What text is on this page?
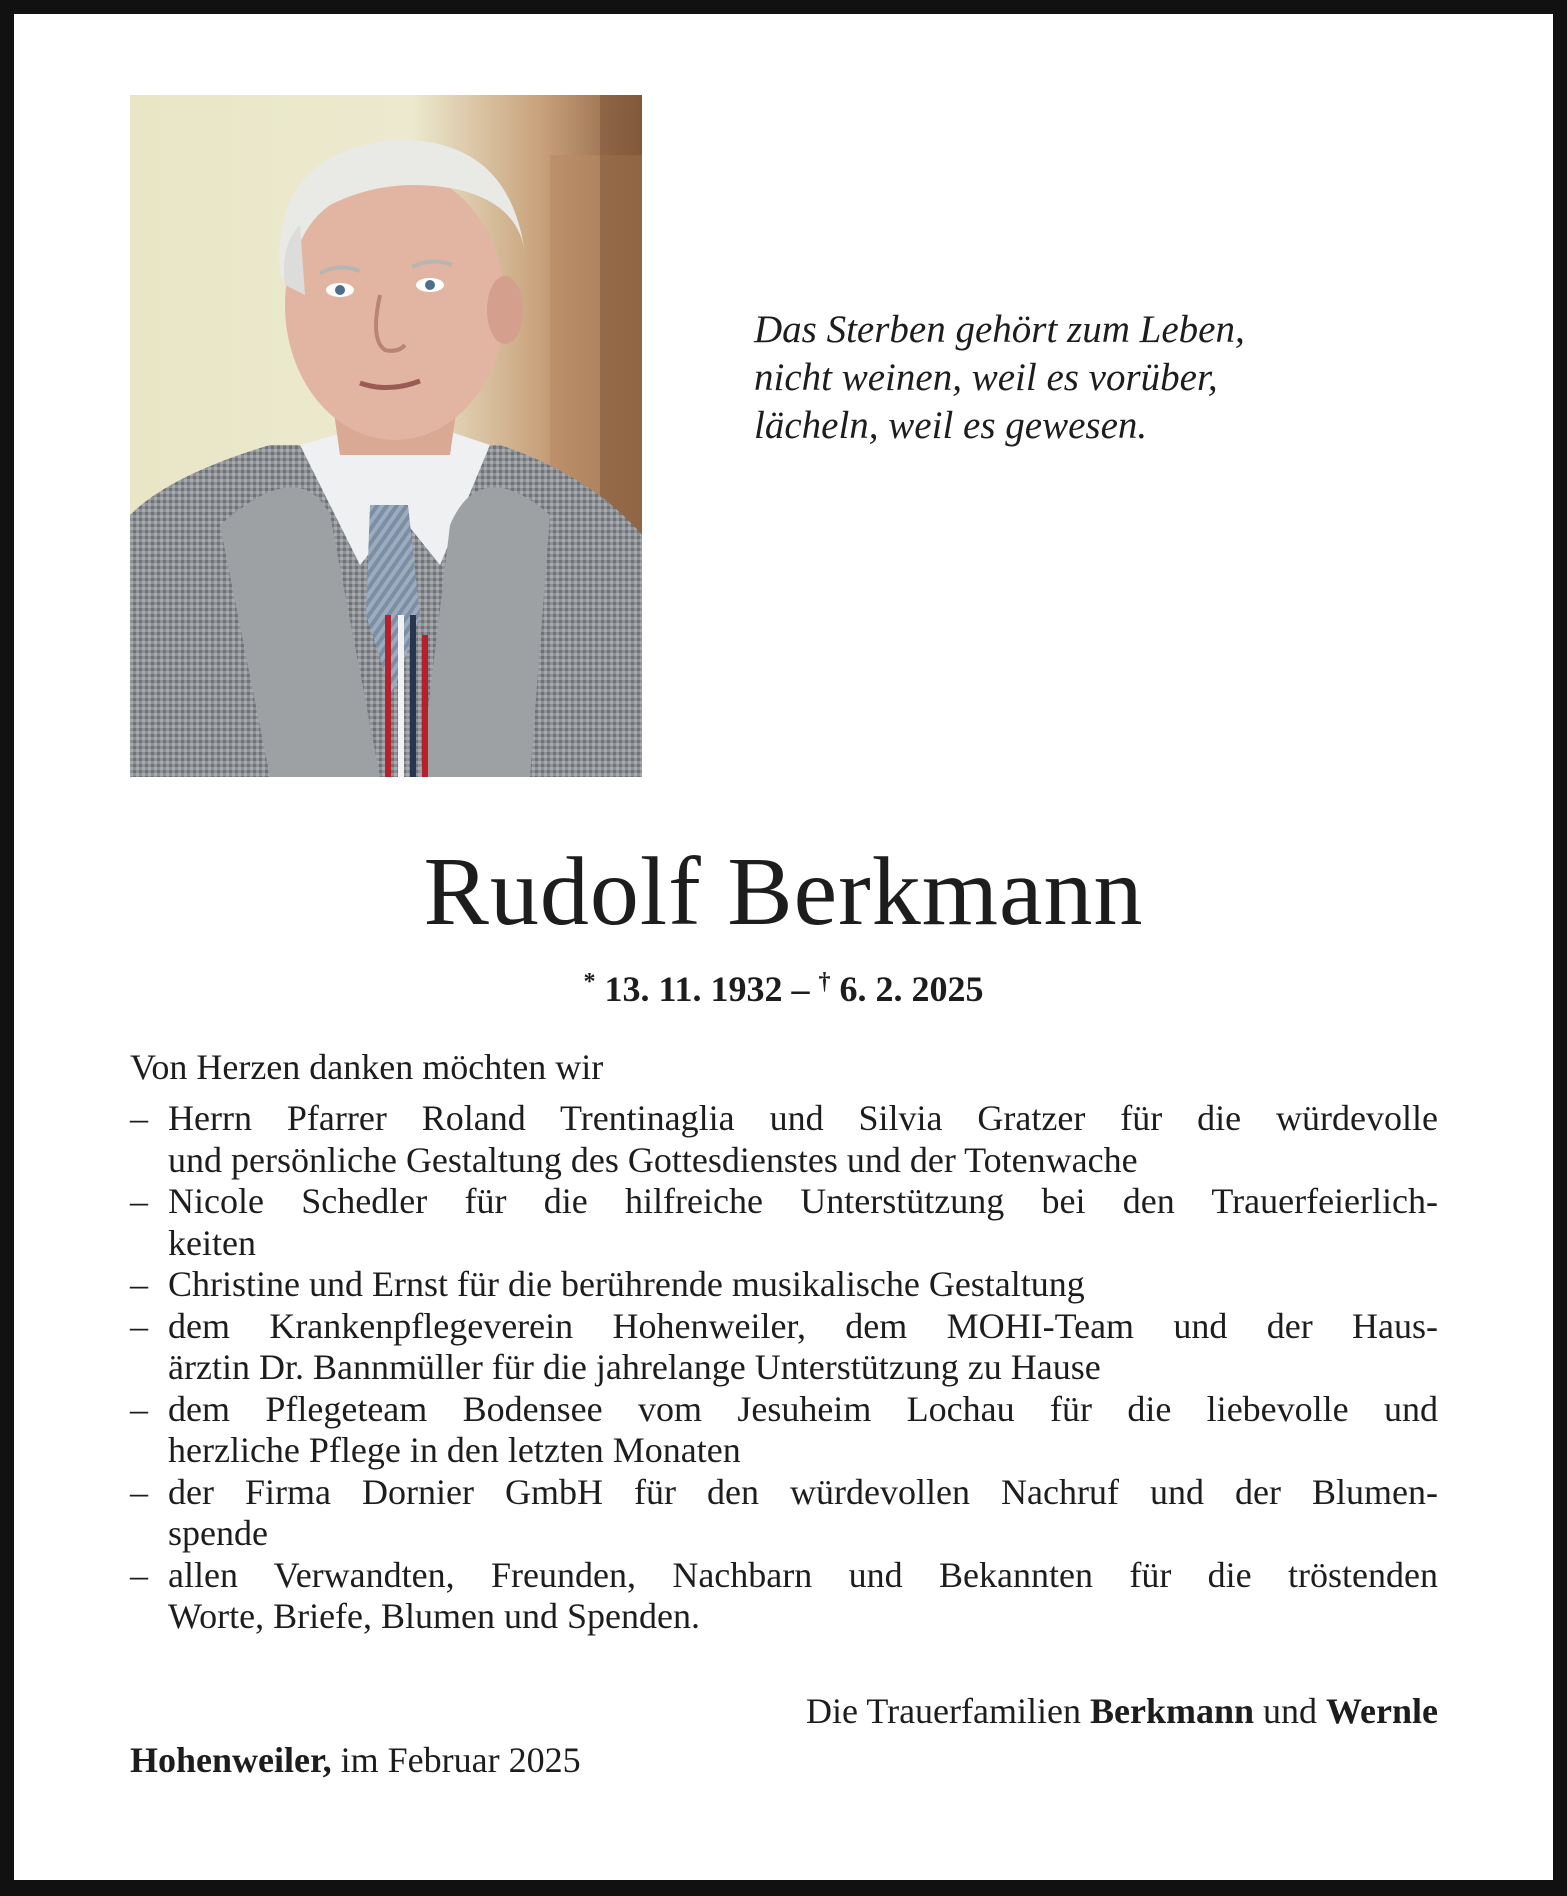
Das Sterben gehört zum Leben,
nicht weinen, weil es vorüber,
lächeln, weil es gewesen.
Rudolf Berkmann
* 13. 11. 1932 – † 6. 2. 2025
Von Herzen danken möchten wir
– Herrn Pfarrer Roland Trentinaglia und Silvia Gratzer für die würdevolle
und persönliche Gestaltung des Gottesdienstes und der Totenwache
– Nicole Schedler für die hilfreiche Unterstützung bei den Trauerfeierlich-
keiten
– Christine und Ernst für die berührende musikalische Gestaltung
– dem Krankenpflegeverein Hohenweiler, dem MOHI-Team und der Haus-
ärztin Dr. Bannmüller für die jahrelange Unterstützung zu Hause
– dem Pflegeteam Bodensee vom Jesuheim Lochau für die liebevolle und
herzliche Pflege in den letzten Monaten
– der Firma Dornier GmbH für den würdevollen Nachruf und der Blumen-
spende
– allen Verwandten, Freunden, Nachbarn und Bekannten für die tröstenden
Worte, Briefe, Blumen und Spenden.
Die Trauerfamilien Berkmann und Wernle
Hohenweiler, im Februar 2025
